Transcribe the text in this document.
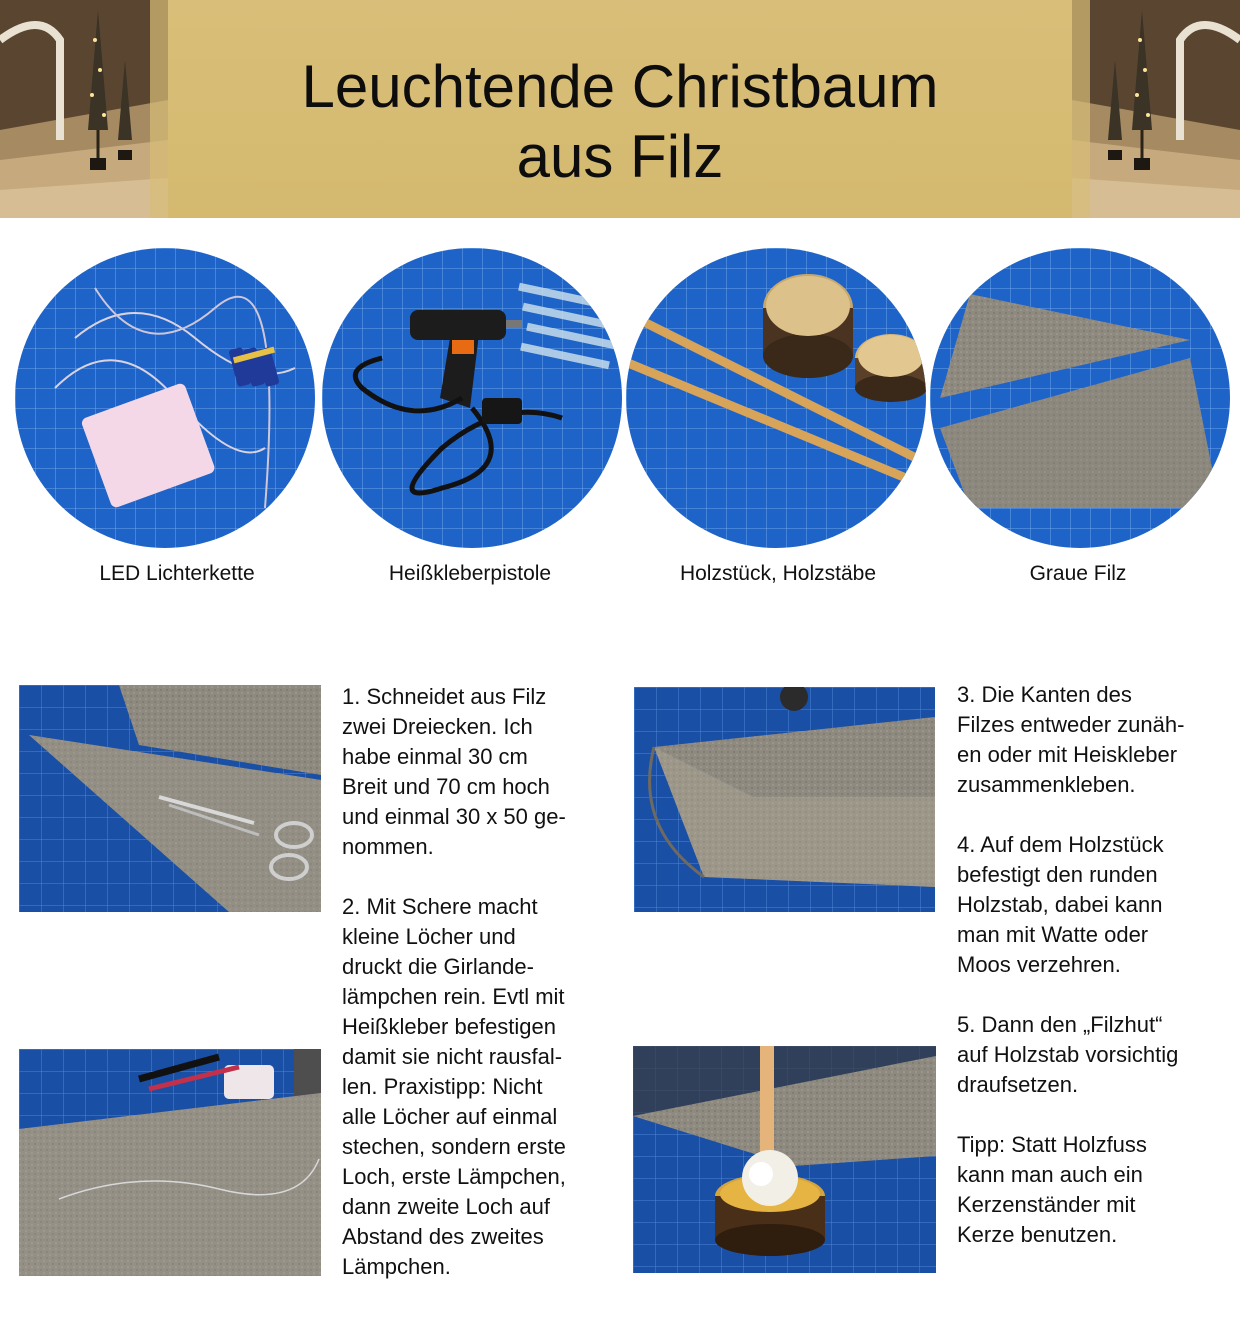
Leuchtende Christbaum
aus Filz
LED Lichterkette	Heißkleberpistole	Holzstück, Holzstäbe	Graue Filz
1. Schneidet aus Filz
zwei Dreiecken. Ich
habe einmal 30 cm
Breit und 70 cm hoch
und einmal 30 x 50 ge-
nommen.

2. Mit Schere macht
kleine Löcher und
druckt die Girlande-
lämpchen rein. Evtl mit
Heißkleber befestigen
damit sie nicht rausfal-
len. Praxistipp: Nicht
alle Löcher auf einmal
stechen, sondern erste
Loch, erste Lämpchen,
dann zweite Loch auf
Abstand des zweites
Lämpchen.
3. Die Kanten des
Filzes entweder zunäh-
en oder mit Heiskleber
zusammenkleben.

4. Auf dem Holzstück
befestigt den runden
Holzstab, dabei kann
man mit Watte oder
Moos verzehren.

5. Dann den „Filzhut“
auf Holzstab vorsichtig
draufsetzen.

Tipp: Statt Holzfuss
kann man auch ein
Kerzenständer mit
Kerze benutzen.
